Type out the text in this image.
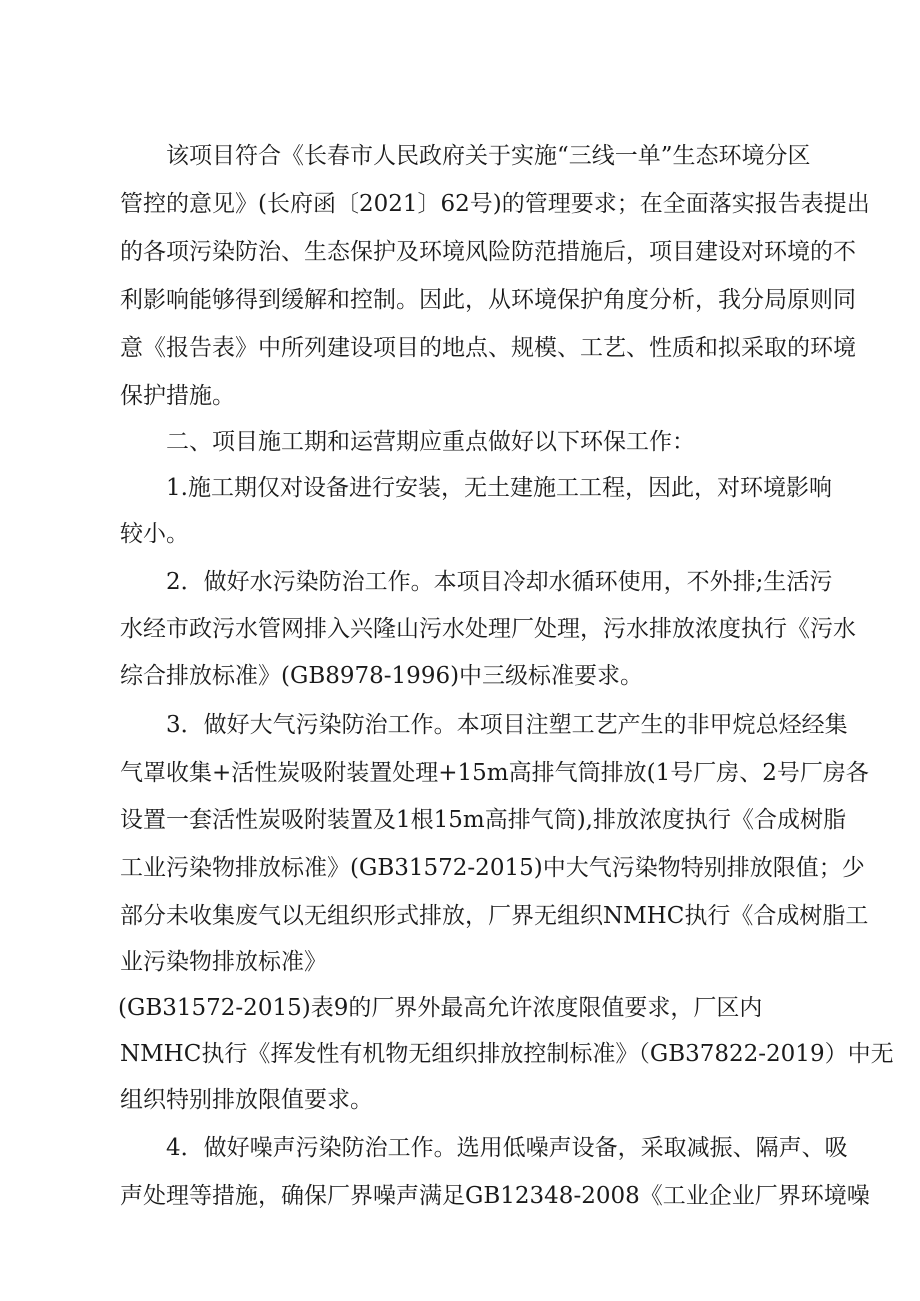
该项目符合《长春市人民政府关于实施“三线一单”生态环境分区
管控的意见》(长府函〔2021〕62号)的管理要求；在全面落实报告表提出
的各项污染防治、生态保护及环境风险防范措施后，项目建设对环境的不
利影响能够得到缓解和控制。因此，从环境保护角度分析，我分局原则同
意《报告表》中所列建设项目的地点、规模、工艺、性质和拟采取的环境
保护措施。
二、项目施工期和运营期应重点做好以下环保工作：
1.施工期仅对设备进行安装，无土建施工工程，因此，对环境影响
较小。
2．做好水污染防治工作。本项目冷却水循环使用，不外排;生活污
水经市政污水管网排入兴隆山污水处理厂处理，污水排放浓度执行《污水
综合排放标准》(GB8978-1996)中三级标准要求。
3．做好大气污染防治工作。本项目注塑工艺产生的非甲烷总烃经集
气罩收集+活性炭吸附装置处理+15m高排气筒排放(1号厂房、2号厂房各
设置一套活性炭吸附装置及1根15m高排气筒),排放浓度执行《合成树脂
工业污染物排放标准》(GB31572-2015)中大气污染物特别排放限值；少
部分未收集废气以无组织形式排放，厂界无组织NMHC执行《合成树脂工
业污染物排放标准》
(GB31572-2015)表9的厂界外最高允许浓度限值要求，厂区内
NMHC执行《挥发性有机物无组织排放控制标准》（GB37822-2019）中无
组织特别排放限值要求。
4．做好噪声污染防治工作。选用低噪声设备，采取减振、隔声、吸
声处理等措施，确保厂界噪声满足GB12348-2008《工业企业厂界环境噪
